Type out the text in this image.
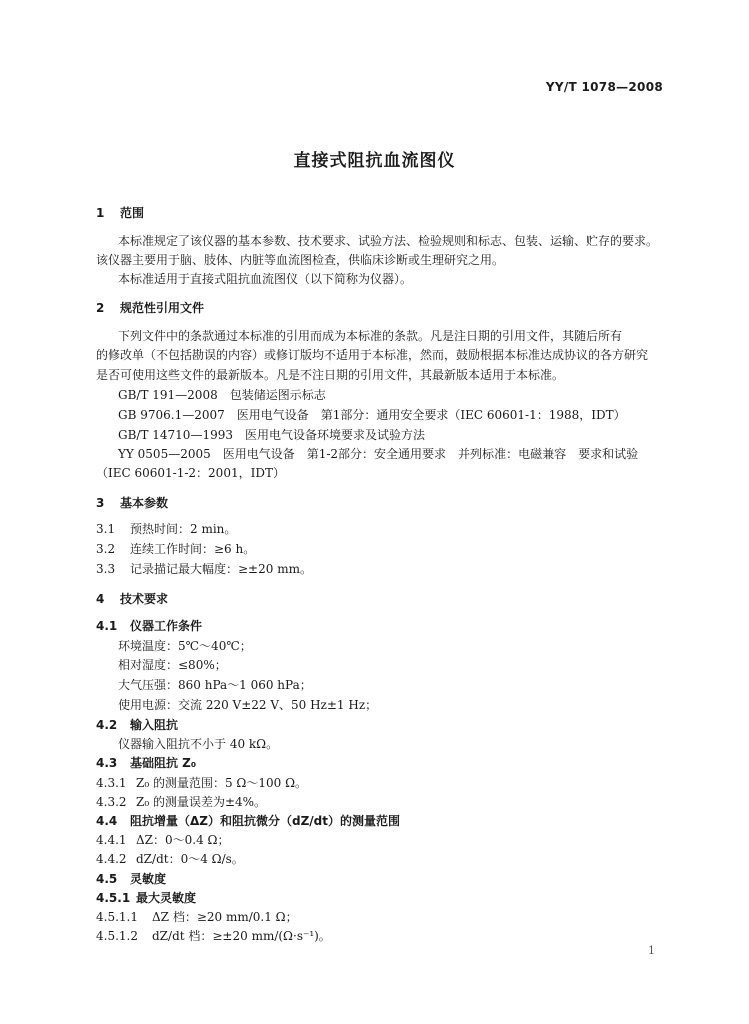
YY/T 1078—2008
直接式阻抗血流图仪
1 范围
本标准规定了该仪器的基本参数、技术要求、试验方法、检验规则和标志、包装、运输、贮存的要求。
该仪器主要用于脑、肢体、内脏等血流图检查，供临床诊断或生理研究之用。
本标准适用于直接式阻抗血流图仪（以下简称为仪器）。
2 规范性引用文件
下列文件中的条款通过本标准的引用而成为本标准的条款。凡是注日期的引用文件，其随后所有
的修改单（不包括勘误的内容）或修订版均不适用于本标准，然而，鼓励根据本标准达成协议的各方研究
是否可使用这些文件的最新版本。凡是不注日期的引用文件，其最新版本适用于本标准。
GB/T 191—2008　包装储运图示标志
GB 9706.1—2007　医用电气设备　第1部分：通用安全要求（IEC 60601-1：1988，IDT）
GB/T 14710—1993　医用电气设备环境要求及试验方法
YY 0505—2005　医用电气设备　第1-2部分：安全通用要求　并列标准：电磁兼容　要求和试验
（IEC 60601-1-2：2001，IDT）
3 基本参数
3.1 预热时间：2 min。
3.2 连续工作时间：≥6 h。
3.3 记录描记最大幅度：≥±20 mm。
4 技术要求
4.1 仪器工作条件
环境温度：5℃～40℃；
相对湿度：≤80%；
大气压强：860 hPa～1 060 hPa；
使用电源：交流 220 V±22 V、50 Hz±1 Hz；
4.2 输入阻抗
仪器输入阻抗不小于 40 kΩ。
4.3 基础阻抗 Z₀
4.3.1 Z₀ 的测量范围：5 Ω～100 Ω。
4.3.2 Z₀ 的测量误差为±4%。
4.4 阻抗增量（ΔZ）和阻抗微分（dZ/dt）的测量范围
4.4.1 ΔZ：0～0.4 Ω；
4.4.2 dZ/dt：0～4 Ω/s。
4.5 灵敏度
4.5.1 最大灵敏度
4.5.1.1 ΔZ 档：≥20 mm/0.1 Ω；
4.5.1.2 dZ/dt 档：≥±20 mm/(Ω·s⁻¹)。
1
